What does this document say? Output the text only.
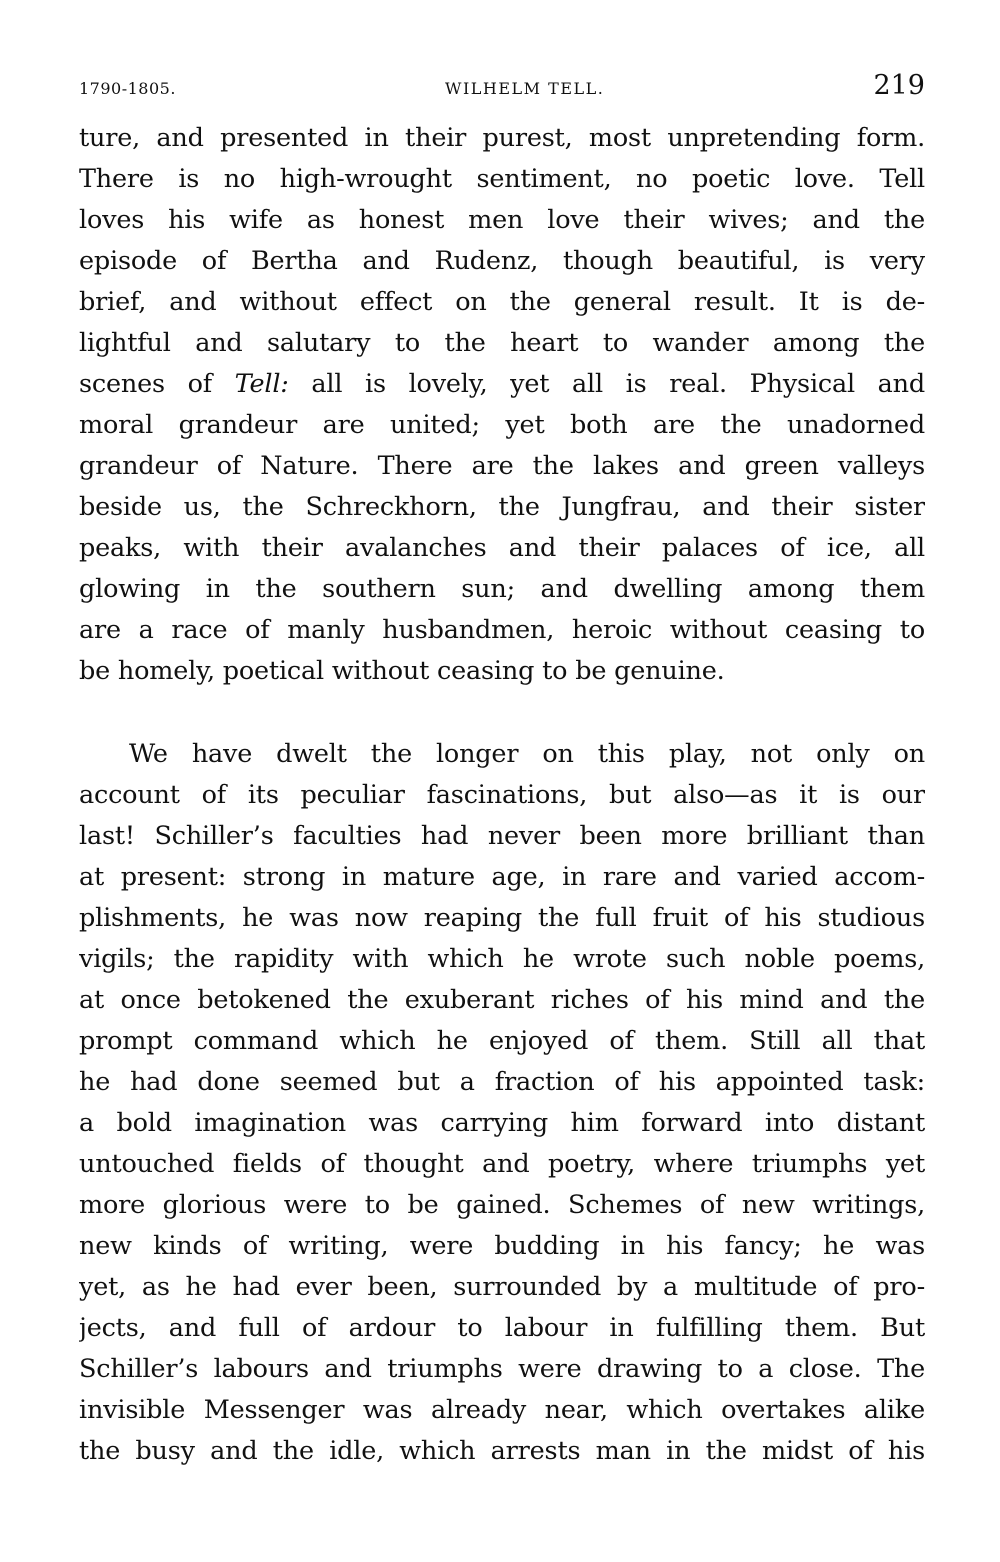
1790-1805.	WILHELM TELL.	219

ture, and presented in their purest, most unpretending form.
There is no high-wrought sentiment, no poetic love. Tell
loves his wife as honest men love their wives; and the
episode of Bertha and Rudenz, though beautiful, is very
brief, and without effect on the general result. It is de-
lightful and salutary to the heart to wander among the
scenes of Tell: all is lovely, yet all is real. Physical and
moral grandeur are united; yet both are the unadorned
grandeur of Nature. There are the lakes and green valleys
beside us, the Schreckhorn, the Jungfrau, and their sister
peaks, with their avalanches and their palaces of ice, all
glowing in the southern sun; and dwelling among them
are a race of manly husbandmen, heroic without ceasing to
be homely, poetical without ceasing to be genuine.

We have dwelt the longer on this play, not only on
account of its peculiar fascinations, but also—as it is our
last! Schiller’s faculties had never been more brilliant than
at present: strong in mature age, in rare and varied accom-
plishments, he was now reaping the full fruit of his studious
vigils; the rapidity with which he wrote such noble poems,
at once betokened the exuberant riches of his mind and the
prompt command which he enjoyed of them. Still all that
he had done seemed but a fraction of his appointed task:
a bold imagination was carrying him forward into distant
untouched fields of thought and poetry, where triumphs yet
more glorious were to be gained. Schemes of new writings,
new kinds of writing, were budding in his fancy; he was
yet, as he had ever been, surrounded by a multitude of pro-
jects, and full of ardour to labour in fulfilling them. But
Schiller’s labours and triumphs were drawing to a close. The
invisible Messenger was already near, which overtakes alike
the busy and the idle, which arrests man in the midst of his
